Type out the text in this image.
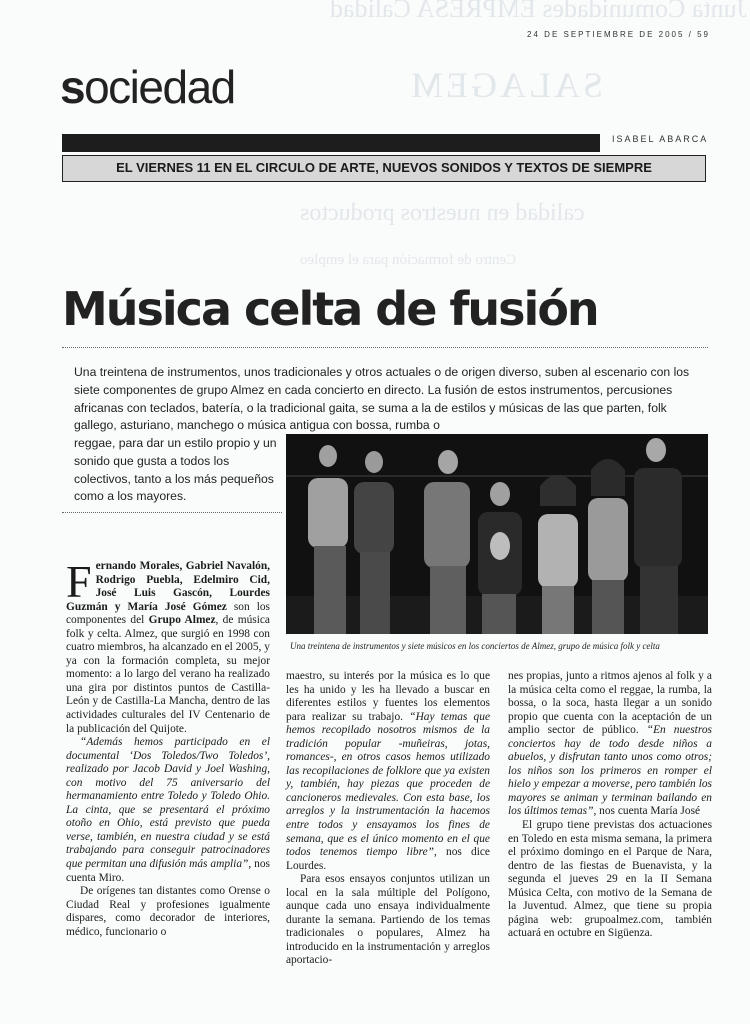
Junta Comunidades EMPRESA Calidad
SALAGEM
calidad en nuestros productos
Centro de formación para el empleo
24 DE SEPTIEMBRE DE 2005 / 59
sociedad
ISABEL ABARCA
EL VIERNES 11 EN EL CIRCULO DE ARTE, NUEVOS SONIDOS Y TEXTOS DE SIEMPRE
Música celta de fusión

Una treintena de instrumentos, unos tradicionales y otros actuales o de origen diverso, suben al escenario con los siete componentes de grupo Almez en cada concierto en directo. La fusión de estos instrumentos, percusiones africanas con teclados, batería, o la tradicional gaita, se suma a la de estilos y músicas de las que parten, folk gallego, asturiano, manchego o música antigua con bossa, rumba o

reggae, para dar un estilo propio y un sonido que gusta a todos los colectivos, tanto a los más pequeños como a los mayores.

Una treintena de instrumentos y siete músicos en los conciertos de Almez, grupo de música folk y celta

Fernando Morales, Gabriel Navalón, Rodrigo Puebla, Edelmiro Cid, José Luis Gascón, Lourdes Guzmán y María José Gómez son los componentes del Grupo Almez, de música folk y celta. Almez, que surgió en 1998 con cuatro miembros, ha alcanzado en el 2005, y ya con la formación completa, su mejor momento: a lo largo del verano ha realizado una gira por distintos puntos de Castilla-León y de Castilla-La Mancha, dentro de las actividades culturales del IV Centenario de la publicación del Quijote.

“Además hemos participado en el documental ‘Dos Toledos/Two Toledos’, realizado por Jacob David y Joel Washing, con motivo del 75 aniversario del hermanamiento entre Toledo y Toledo Ohio. La cinta, que se presentará el próximo otoño en Ohio, está previsto que pueda verse, también, en nuestra ciudad y se está trabajando para conseguir patrocinadores que permitan una difusión más amplia”, nos cuenta Miro.

De orígenes tan distantes como Orense o Ciudad Real y profesiones igualmente dispares, como decorador de interiores, médico, funcionario o

maestro, su interés por la música es lo que les ha unido y les ha llevado a buscar en diferentes estilos y fuentes los elementos para realizar su trabajo. “Hay temas que hemos recopilado nosotros mismos de la tradición popular -muñeiras, jotas, romances-, en otros casos hemos utilizado las recopilaciones de folklore que ya existen y, también, hay piezas que proceden de cancioneros medievales. Con esta base, los arreglos y la instrumentación la hacemos entre todos y ensayamos los fines de semana, que es el único momento en el que todos tenemos tiempo libre”, nos dice Lourdes.

Para esos ensayos conjuntos utilizan un local en la sala múltiple del Polígono, aunque cada uno ensaya individualmente durante la semana. Partiendo de los temas tradicionales o populares, Almez ha introducido en la instrumentación y arreglos aportacio-

nes propias, junto a ritmos ajenos al folk y a la música celta como el reggae, la rumba, la bossa, o la soca, hasta llegar a un sonido propio que cuenta con la aceptación de un amplio sector de público. “En nuestros conciertos hay de todo desde niños a abuelos, y disfrutan tanto unos como otros; los niños son los primeros en romper el hielo y empezar a moverse, pero también los mayores se animan y terminan bailando en los últimos temas”, nos cuenta María José

El grupo tiene previstas dos actuaciones en Toledo en esta misma semana, la primera el próximo domingo en el Parque de Nara, dentro de las fiestas de Buenavista, y la segunda el jueves 29 en la II Semana Música Celta, con motivo de la Semana de la Juventud. Almez, que tiene su propia página web: grupoalmez.com, también actuará en octubre en Sigüenza.
